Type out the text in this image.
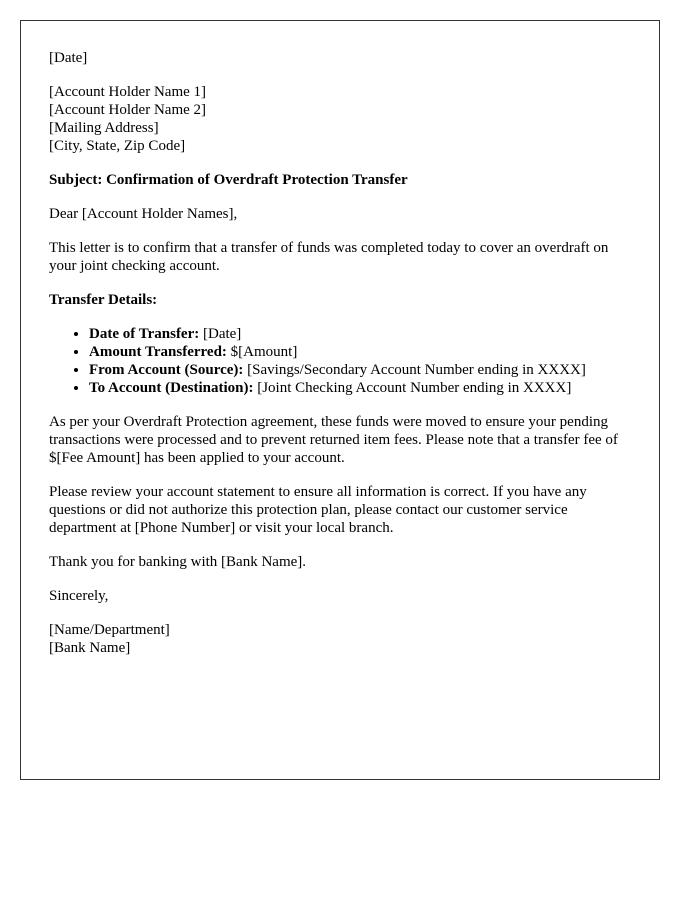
[Date]
[Account Holder Name 1]
[Account Holder Name 2]
[Mailing Address]
[City, State, Zip Code]
Subject: Confirmation of Overdraft Protection Transfer
Dear [Account Holder Names],
This letter is to confirm that a transfer of funds was completed today to cover an overdraft on your joint checking account.
Transfer Details:
• Date of Transfer: [Date]
• Amount Transferred: $[Amount]
• From Account (Source): [Savings/Secondary Account Number ending in XXXX]
• To Account (Destination): [Joint Checking Account Number ending in XXXX]
As per your Overdraft Protection agreement, these funds were moved to ensure your pending transactions were processed and to prevent returned item fees. Please note that a transfer fee of $[Fee Amount] has been applied to your account.
Please review your account statement to ensure all information is correct. If you have any questions or did not authorize this protection plan, please contact our customer service department at [Phone Number] or visit your local branch.
Thank you for banking with [Bank Name].
Sincerely,
[Name/Department]
[Bank Name]
